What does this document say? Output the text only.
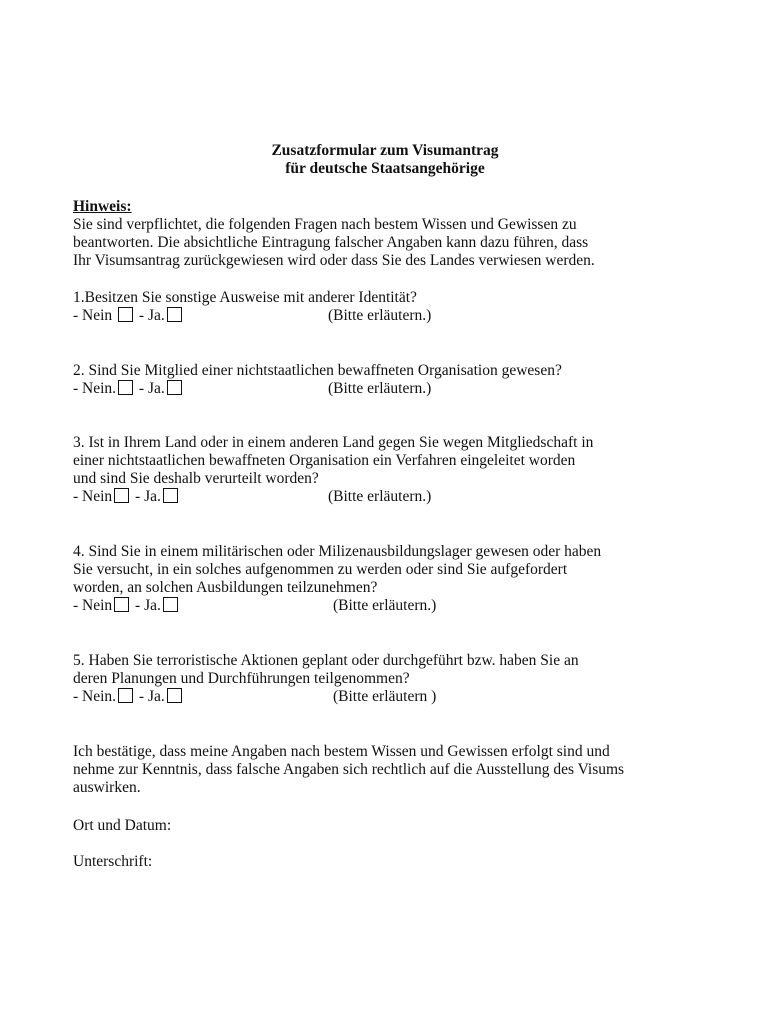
Zusatzformular zum Visumantrag
für deutsche Staatsangehörige
Hinweis:
Sie sind verpflichtet, die folgenden Fragen nach bestem Wissen und Gewissen zu
beantworten. Die absichtliche Eintragung falscher Angaben kann dazu führen, dass
Ihr Visumsantrag zurückgewiesen wird oder dass Sie des Landes verwiesen werden.
1.Besitzen Sie sonstige Ausweise mit anderer Identität?
- Nein - Ja.	(Bitte erläutern.)
2. Sind Sie Mitglied einer nichtstaatlichen bewaffneten Organisation gewesen?
- Nein. - Ja.	(Bitte erläutern.)
3. Ist in Ihrem Land oder in einem anderen Land gegen Sie wegen Mitgliedschaft in
einer nichtstaatlichen bewaffneten Organisation ein Verfahren eingeleitet worden
und sind Sie deshalb verurteilt worden?
- Nein - Ja.	(Bitte erläutern.)
4. Sind Sie in einem militärischen oder Milizenausbildungslager gewesen oder haben
Sie versucht, in ein solches aufgenommen zu werden oder sind Sie aufgefordert
worden, an solchen Ausbildungen teilzunehmen?
- Nein - Ja.	(Bitte erläutern.)
5. Haben Sie terroristische Aktionen geplant oder durchgeführt bzw. haben Sie an
deren Planungen und Durchführungen teilgenommen?
- Nein. - Ja.	(Bitte erläutern )
Ich bestätige, dass meine Angaben nach bestem Wissen und Gewissen erfolgt sind und
nehme zur Kenntnis, dass falsche Angaben sich rechtlich auf die Ausstellung des Visums
auswirken.
Ort und Datum:
Unterschrift:
